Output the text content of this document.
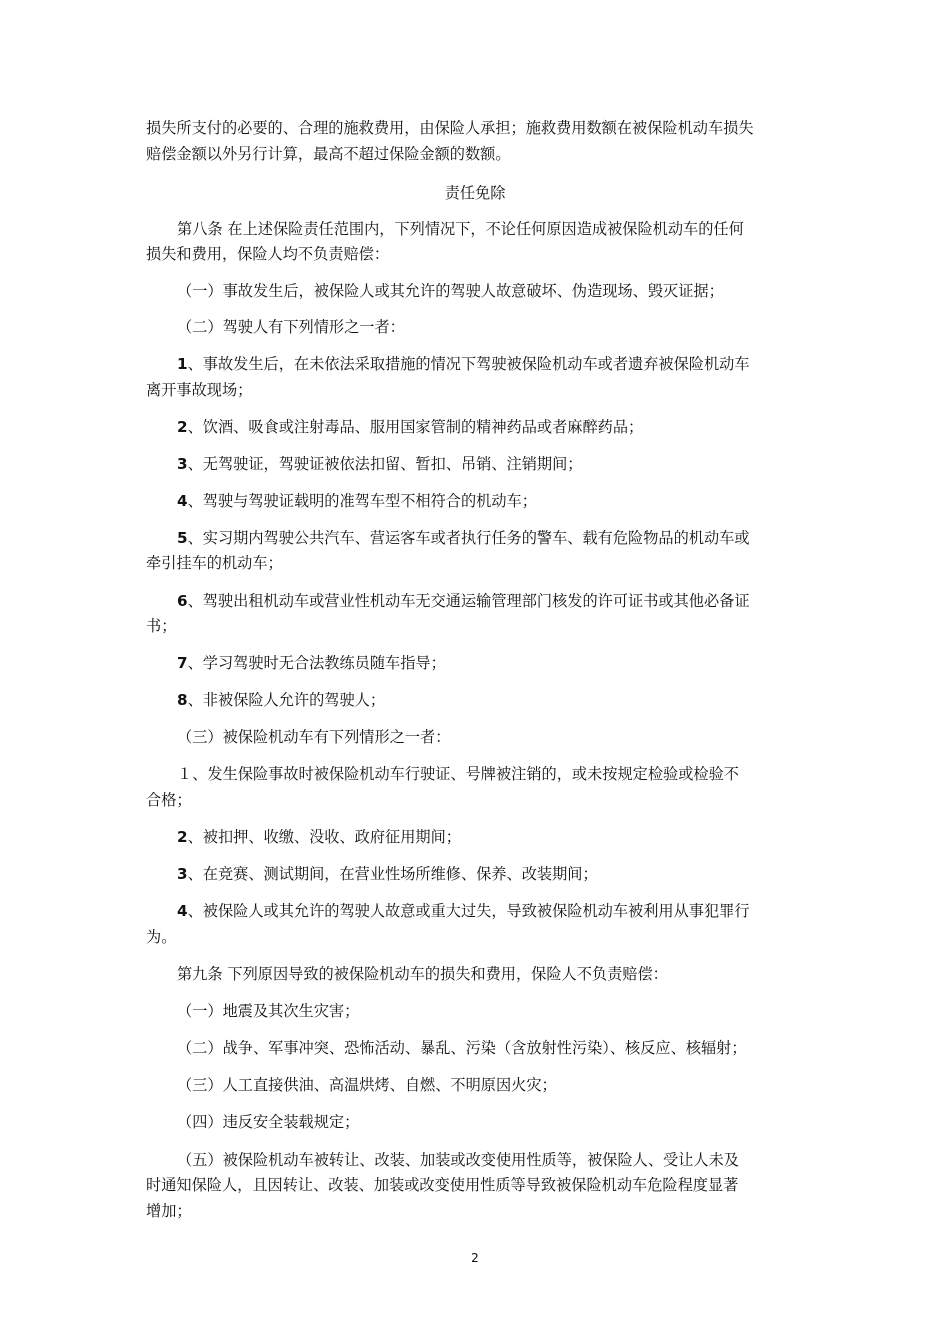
损失所支付的必要的、合理的施救费用，由保险人承担；施救费用数额在被保险机动车损失
赔偿金额以外另行计算，最高不超过保险金额的数额。
责任免除
第八条 在上述保险责任范围内，下列情况下，不论任何原因造成被保险机动车的任何
损失和费用，保险人均不负责赔偿：
（一）事故发生后，被保险人或其允许的驾驶人故意破坏、伪造现场、毁灭证据；
（二）驾驶人有下列情形之一者：
1、事故发生后，在未依法采取措施的情况下驾驶被保险机动车或者遗弃被保险机动车
离开事故现场；
2、饮酒、吸食或注射毒品、服用国家管制的精神药品或者麻醉药品；
3、无驾驶证，驾驶证被依法扣留、暂扣、吊销、注销期间；
4、驾驶与驾驶证载明的准驾车型不相符合的机动车；
5、实习期内驾驶公共汽车、营运客车或者执行任务的警车、载有危险物品的机动车或
牵引挂车的机动车；
6、驾驶出租机动车或营业性机动车无交通运输管理部门核发的许可证书或其他必备证
书；
7、学习驾驶时无合法教练员随车指导；
8、非被保险人允许的驾驶人；
（三）被保险机动车有下列情形之一者：
１、发生保险事故时被保险机动车行驶证、号牌被注销的，或未按规定检验或检验不
合格；
2、被扣押、收缴、没收、政府征用期间；
3、在竞赛、测试期间，在营业性场所维修、保养、改装期间；
4、被保险人或其允许的驾驶人故意或重大过失，导致被保险机动车被利用从事犯罪行
为。
第九条 下列原因导致的被保险机动车的损失和费用，保险人不负责赔偿：
（一）地震及其次生灾害；
（二）战争、军事冲突、恐怖活动、暴乱、污染（含放射性污染）、核反应、核辐射；
（三）人工直接供油、高温烘烤、自燃、不明原因火灾；
（四）违反安全装载规定；
（五）被保险机动车被转让、改装、加装或改变使用性质等，被保险人、受让人未及
时通知保险人，且因转让、改装、加装或改变使用性质等导致被保险机动车危险程度显著
增加；
2
